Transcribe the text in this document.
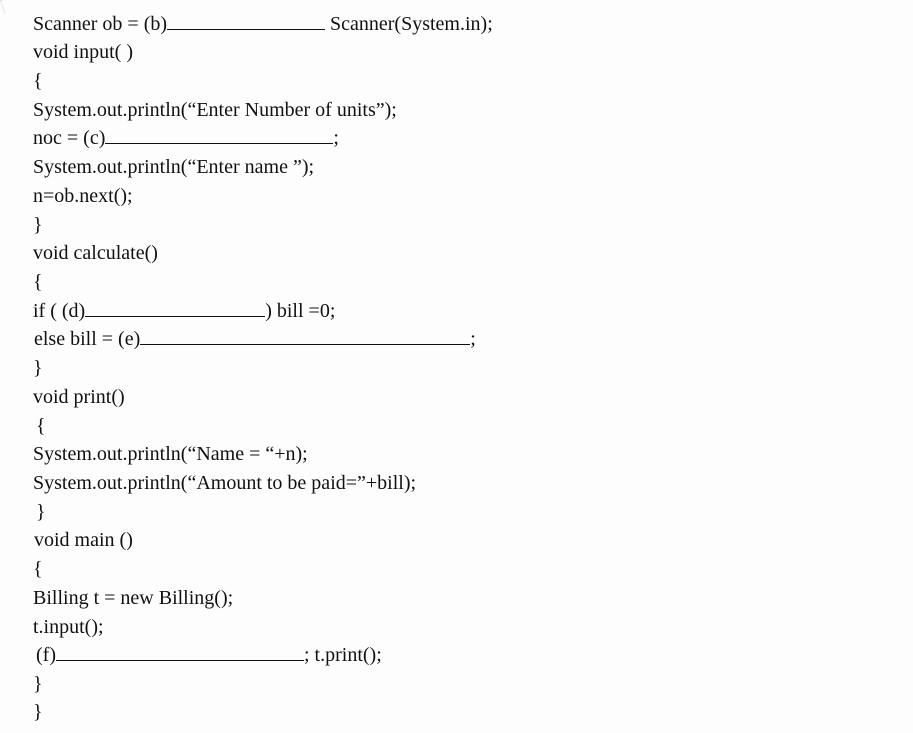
Scanner ob = (b)	Scanner(System.in);
void input( )
{
System.out.println(“Enter Number of units”);
noc = (c)	;
System.out.println(“Enter name ”);
n=ob.next();
}
void calculate()
{
if ( (d)	) bill =0;
else bill = (e)	;
}
void print()
{
System.out.println(“Name = “+n);
System.out.println(“Amount to be paid=”+bill);
}
void main ()
{
Billing t = new Billing();
t.input();
(f)	; t.print();
}
}
